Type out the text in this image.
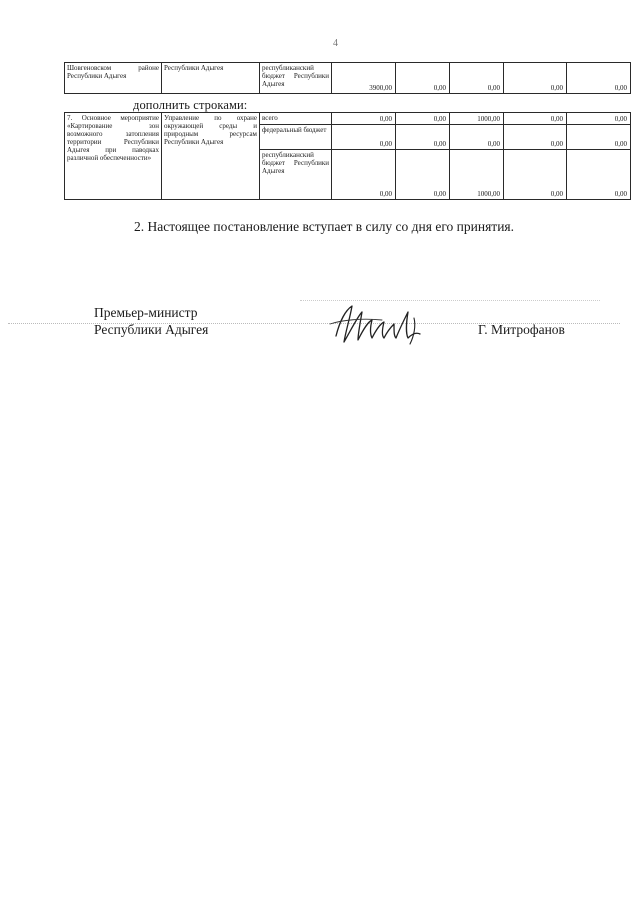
4
Шовгеновском районе Республики Адыгея	Республики Адыгея	республиканский бюджет Республики Адыгея	3900,00	0,00	0,00	0,00	0,00
дополнить строками:
7. Основное мероприятие «Картирование зон возможного затопления территории Республики Адыгея при паводках различной обеспеченности»	Управление по охране окружающей среды и природным ресурсам Республики Адыгея	всего	0,00	0,00	1000,00	0,00	0,00
		федеральный бюджет	0,00	0,00	0,00	0,00	0,00
		республиканский бюджет Республики Адыгея	0,00	0,00	1000,00	0,00	0,00
2. Настоящее постановление вступает в силу со дня его принятия.
Премьер-министр
Республики Адыгея	Г. Митрофанов
